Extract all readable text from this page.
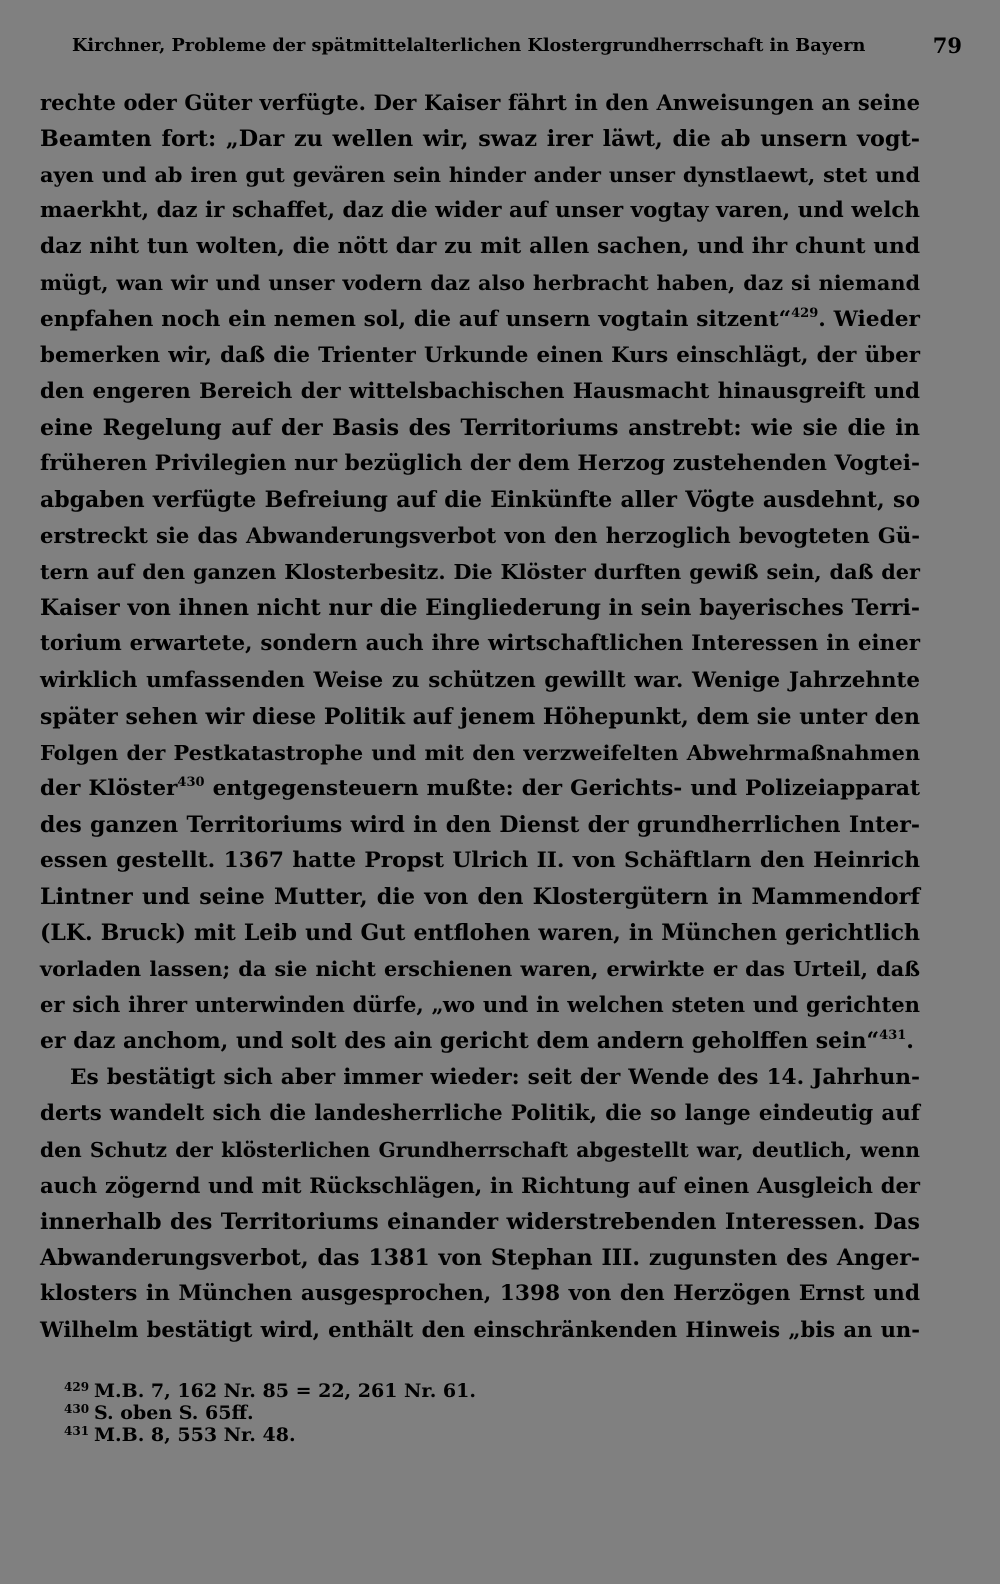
Kirchner, Probleme der spätmittelalterlichen Klostergrundherrschaft in Bayern	79
rechte oder Güter verfügte. Der Kaiser fährt in den Anweisungen an seine
Beamten fort: „Dar zu wellen wir, swaz irer läwt, die ab unsern vogt-
ayen und ab iren gut gevären sein hinder ander unser dynstlaewt, stet und
maerkht, daz ir schaffet, daz die wider auf unser vogtay varen, und welch
daz niht tun wolten, die nött dar zu mit allen sachen, und ihr chunt und
mügt, wan wir und unser vodern daz also herbracht haben, daz si niemand
enpfahen noch ein nemen sol, die auf unsern vogtain sitzent“$^{429}$. Wieder
bemerken wir, daß die Trienter Urkunde einen Kurs einschlägt, der über
den engeren Bereich der wittelsbachischen Hausmacht hinausgreift und
eine Regelung auf der Basis des Territoriums anstrebt: wie sie die in
früheren Privilegien nur bezüglich der dem Herzog zustehenden Vogtei-
abgaben verfügte Befreiung auf die Einkünfte aller Vögte ausdehnt, so
erstreckt sie das Abwanderungsverbot von den herzoglich bevogteten Gü-
tern auf den ganzen Klosterbesitz. Die Klöster durften gewiß sein, daß der
Kaiser von ihnen nicht nur die Eingliederung in sein bayerisches Terri-
torium erwartete, sondern auch ihre wirtschaftlichen Interessen in einer
wirklich umfassenden Weise zu schützen gewillt war. Wenige Jahrzehnte
später sehen wir diese Politik auf jenem Höhepunkt, dem sie unter den
Folgen der Pestkatastrophe und mit den verzweifelten Abwehrmaßnahmen
der Klöster$^{430}$ entgegensteuern mußte: der Gerichts- und Polizeiapparat
des ganzen Territoriums wird in den Dienst der grundherrlichen Inter-
essen gestellt. 1367 hatte Propst Ulrich II. von Schäftlarn den Heinrich
Lintner und seine Mutter, die von den Klostergütern in Mammendorf
(LK. Bruck) mit Leib und Gut entflohen waren, in München gerichtlich
vorladen lassen; da sie nicht erschienen waren, erwirkte er das Urteil, daß
er sich ihrer unterwinden dürfe, „wo und in welchen steten und gerichten
er daz anchom, und solt des ain gericht dem andern geholffen sein“$^{431}$.
Es bestätigt sich aber immer wieder: seit der Wende des 14. Jahrhun-
derts wandelt sich die landesherrliche Politik, die so lange eindeutig auf
den Schutz der klösterlichen Grundherrschaft abgestellt war, deutlich, wenn
auch zögernd und mit Rückschlägen, in Richtung auf einen Ausgleich der
innerhalb des Territoriums einander widerstrebenden Interessen. Das
Abwanderungsverbot, das 1381 von Stephan III. zugunsten des Anger-
klosters in München ausgesprochen, 1398 von den Herzögen Ernst und
Wilhelm bestätigt wird, enthält den einschränkenden Hinweis „bis an un-
429 M.B. 7, 162 Nr. 85 = 22, 261 Nr. 61.
430 S. oben S. 65ff.
431 M.B. 8, 553 Nr. 48.
